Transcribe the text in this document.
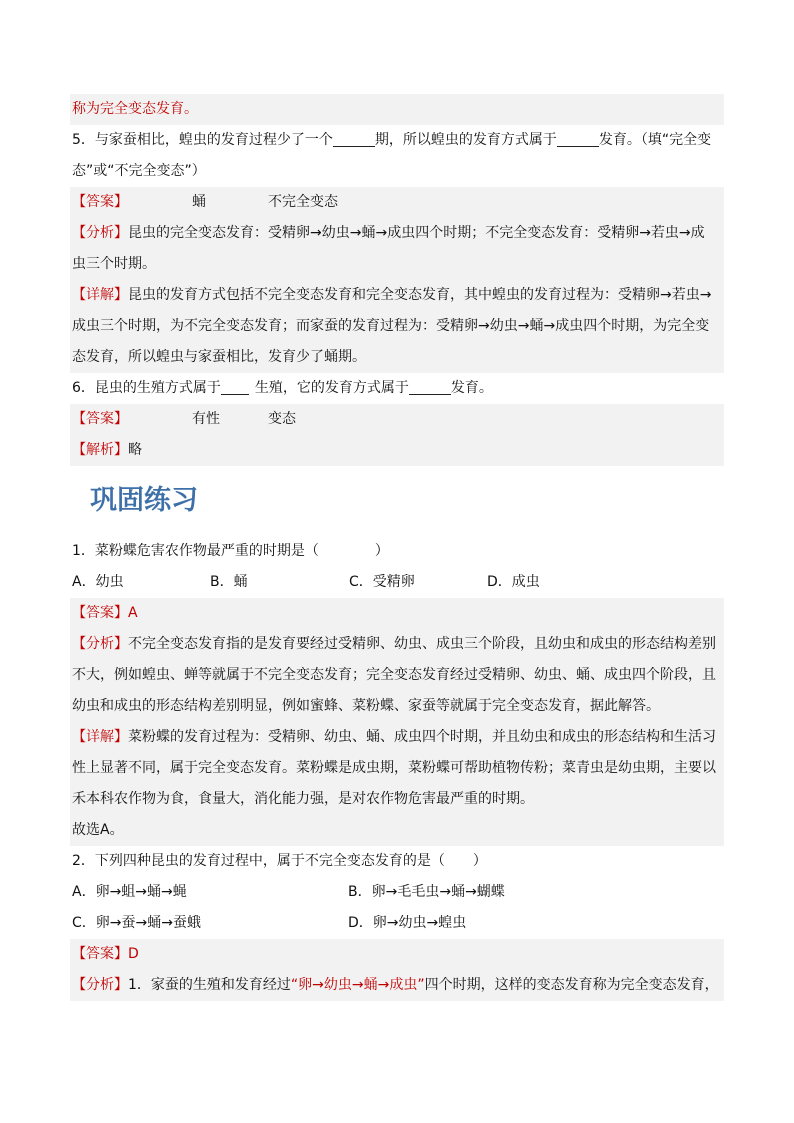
称为完全变态发育。
5．与家蚕相比，蝗虫的发育过程少了一个	期，所以蝗虫的发育方式属于	发育。（填“完全变
态”或“不完全变态”）
【答案】	蛹	不完全变态
【分析】昆虫的完全变态发育：受精卵→幼虫→蛹→成虫四个时期；不完全变态发育：受精卵→若虫→成
虫三个时期。
【详解】昆虫的发育方式包括不完全变态发育和完全变态发育，其中蝗虫的发育过程为：受精卵→若虫→
成虫三个时期，为不完全变态发育；而家蚕的发育过程为：受精卵→幼虫→蛹→成虫四个时期，为完全变
态发育，所以蝗虫与家蚕相比，发育少了蛹期。
6．昆虫的生殖方式属于 生殖，它的发育方式属于	发育。
【答案】	有性	变态
【解析】略
巩固练习
1．菜粉蝶危害农作物最严重的时期是（　　　　）
A．幼虫	B．蛹	C．受精卵	D．成虫
【答案】A
【分析】不完全变态发育指的是发育要经过受精卵、幼虫、成虫三个阶段，且幼虫和成虫的形态结构差别
不大，例如蝗虫、蝉等就属于不完全变态发育；完全变态发育经过受精卵、幼虫、蛹、成虫四个阶段，且
幼虫和成虫的形态结构差别明显，例如蜜蜂、菜粉蝶、家蚕等就属于完全变态发育，据此解答。
【详解】菜粉蝶的发育过程为：受精卵、幼虫、蛹、成虫四个时期，并且幼虫和成虫的形态结构和生活习
性上显著不同，属于完全变态发育。菜粉蝶是成虫期，菜粉蝶可帮助植物传粉；菜青虫是幼虫期，主要以
禾本科农作物为食，食量大，消化能力强，是对农作物危害最严重的时期。
故选A。
2．下列四种昆虫的发育过程中，属于不完全变态发育的是（　　）
A．卵→蛆→蛹→蝇	B．卵→毛毛虫→蛹→蝴蝶
C．卵→蚕→蛹→蚕蛾	D．卵→幼虫→蝗虫
【答案】D
【分析】1．家蚕的生殖和发育经过“卵→幼虫→蛹→成虫”四个时期，这样的变态发育称为完全变态发育，
